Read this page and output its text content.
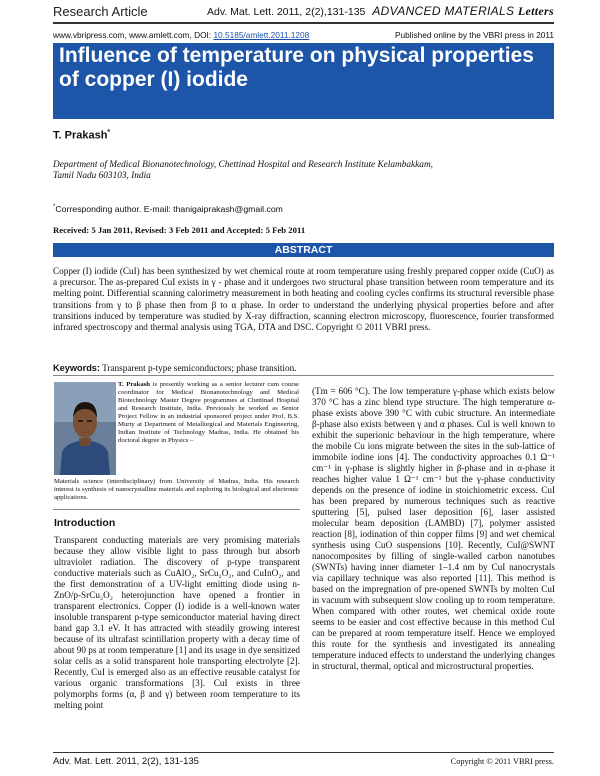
Research Article	Adv. Mat. Lett. 2011, 2(2),131-135 ADVANCED MATERIALS Letters
www.vbripress.com, www.amlett.com, DOI: 10.5185/amlett.2011.1208	Published online by the VBRI press in 2011
Influence of temperature on physical properties of copper (I) iodide
T. Prakash*
Department of Medical Bionanotechnology, Chettinad Hospital and Research Institute Kelambakkam, Tamil Nadu 603103, India
*Corresponding author. E-mail: thanigaiprakash@gmail.com
Received: 5 Jan 2011, Revised: 3 Feb 2011 and Accepted: 5 Feb 2011
ABSTRACT
Copper (I) iodide (CuI) has been synthesized by wet chemical route at room temperature using freshly prepared copper oxide (CuO) as a precursor. The as-prepared CuI exists in γ - phase and it undergoes two structural phase transition between room temperature and its melting point. Differential scanning calorimetry measurement in both heating and cooling cycles confirms its structural reversible phase transitions from γ to β phase then from β to α phase. In order to understand the underlying physical properties before and after transitions induced by temperature was studied by X-ray diffraction, scanning electron microscopy, fluorescence, fourier transformed infrared spectroscopy and thermal analysis using TGA, DTA and DSC. Copyright © 2011 VBRI press.
Keywords: Transparent p-type semiconductors; phase transition.
T. Prakash is presently working as a senior lecturer cum course coordinator for Medical Bionanotechnology and Medical Biotechnology Master Degree programmes at Chettinad Hospital and Research Institute, India. Previously he worked as Senior Project Fellow in an industrial sponsored project under Prof. B.S. Murty at Department of Metallurgical and Materials Engineering, Indian Institute of Technology Madras, India. He obtained his doctoral degree in Physics –
Materials science (interdisciplinary) from University of Madras, India. His research interest is synthesis of nanocrystalline materials and exploring its biological and electronic applications.
Introduction
Transparent conducting materials are very promising materials because they allow visible light to pass through but absorb ultraviolet radiation. The discovery of p-type transparent conductive materials such as CuAlO₂, SrCu₂O₂, and CuInO₂, and the first demonstration of a UV-light emitting diode using n-ZnO/p-SrCu₂O₂ heterojunction have opened a frontier in transparent electronics. Copper (I) iodide is a well-known water insoluble transparent p-type semiconductor material having direct band gap 3.1 eV. It has attracted with steadily growing interest because of its ultrafast scintillation property with a decay time of about 90 ps at room temperature [1] and its usage in dye sensitized solar cells as a solid transparent hole transporting electrolyte [2]. Recently, CuI is emerged also as an effective reusable catalyst for various organic transformations [3]. CuI exists in three polymorphs forms (α, β and γ) between room temperature to its melting point
(Tm = 606 °C). The low temperature γ-phase which exists below 370 °C has a zinc blend type structure. The high temperature α-phase exists above 390 °C with cubic structure. An intermediate β-phase also exists between γ and α phases. CuI is well known to exhibit the superionic behaviour in the high temperature, where the mobile Cu ions migrate between the sites in the sub-lattice of immobile iodine ions [4]. The conductivity approaches 0.1 Ω⁻¹ cm⁻¹ in γ-phase is slightly higher in β-phase and in α-phase it reaches higher value 1 Ω⁻¹ cm⁻¹ but the γ-phase conductivity depends on the presence of iodine in stoichiometric excess. CuI has been prepared by numerous techniques such as reactive sputtering [5], pulsed laser deposition [6], laser assisted molecular beam deposition (LAMBD) [7], polymer assisted reaction [8], iodination of thin copper films [9] and wet chemical synthesis using CuO suspensions [10]. Recently, CuI@SWNT nanocomposites by filling of single-walled carbon nanotubes (SWNTs) having inner diameter 1–1.4 nm by CuI nanocrystals via capillary technique was also reported [11]. This method is based on the impregnation of pre-opened SWNTs by molten CuI in vacuum with subsequent slow cooling up to room temperature. When compared with other routes, wet chemical oxide route seems to be easier and cost effective because in this method CuI can be prepared at room temperature itself. Hence we employed this route for the synthesis and investigated its annealing temperature induced effects to understand the underlying changes in structural, thermal, optical and microstructural properties.
Adv. Mat. Lett. 2011, 2(2), 131-135	Copyright © 2011 VBRI press.
